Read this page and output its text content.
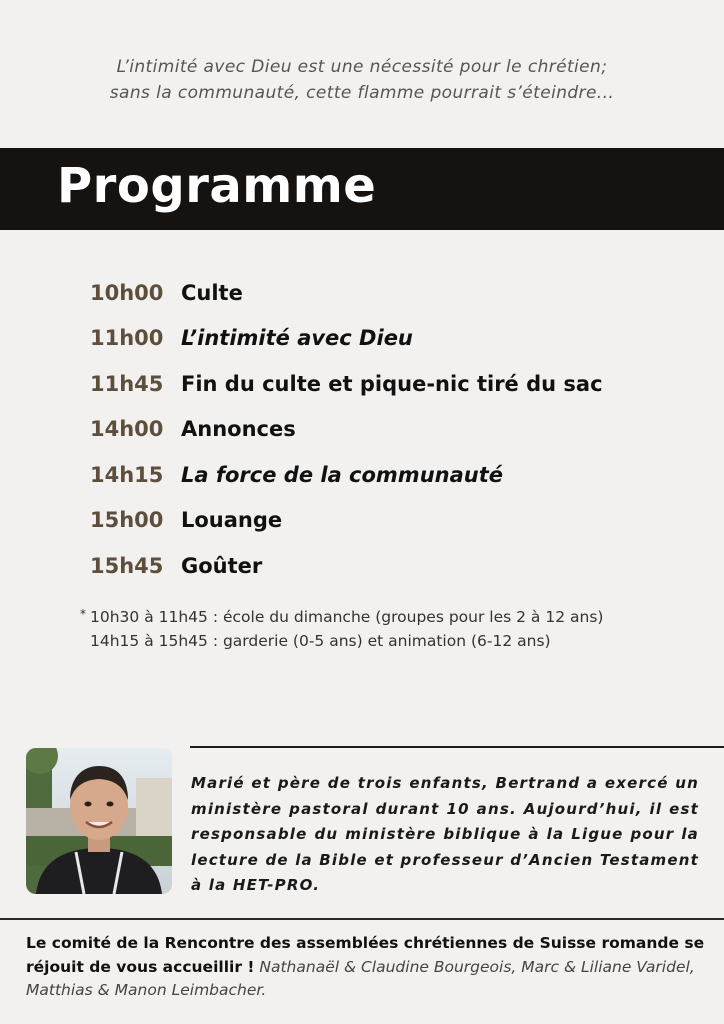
L’intimité avec Dieu est une nécessité pour le chrétien;
sans la communauté, cette flamme pourrait s’éteindre...
Programme
10h00 Culte
11h00 L’intimité avec Dieu
11h45 Fin du culte et pique-nic tiré du sac
14h00 Annonces
14h15 La force de la communauté
15h00 Louange
15h45 Goûter
* 10h30 à 11h45 : école du dimanche (groupes pour les 2 à 12 ans)
14h15 à 15h45 : garderie (0-5 ans) et animation (6-12 ans)
Marié et père de trois enfants, Bertrand a exercé un ministère pastoral durant 10 ans. Aujourd’hui, il est responsable du ministère biblique à la Ligue pour la lecture de la Bible et professeur d’Ancien Testament à la HET-PRO.
Le comité de la Rencontre des assemblées chrétiennes de Suisse romande se réjouit de vous accueillir ! Nathanaël & Claudine Bourgeois, Marc & Liliane Varidel, Matthias & Manon Leimbacher.
